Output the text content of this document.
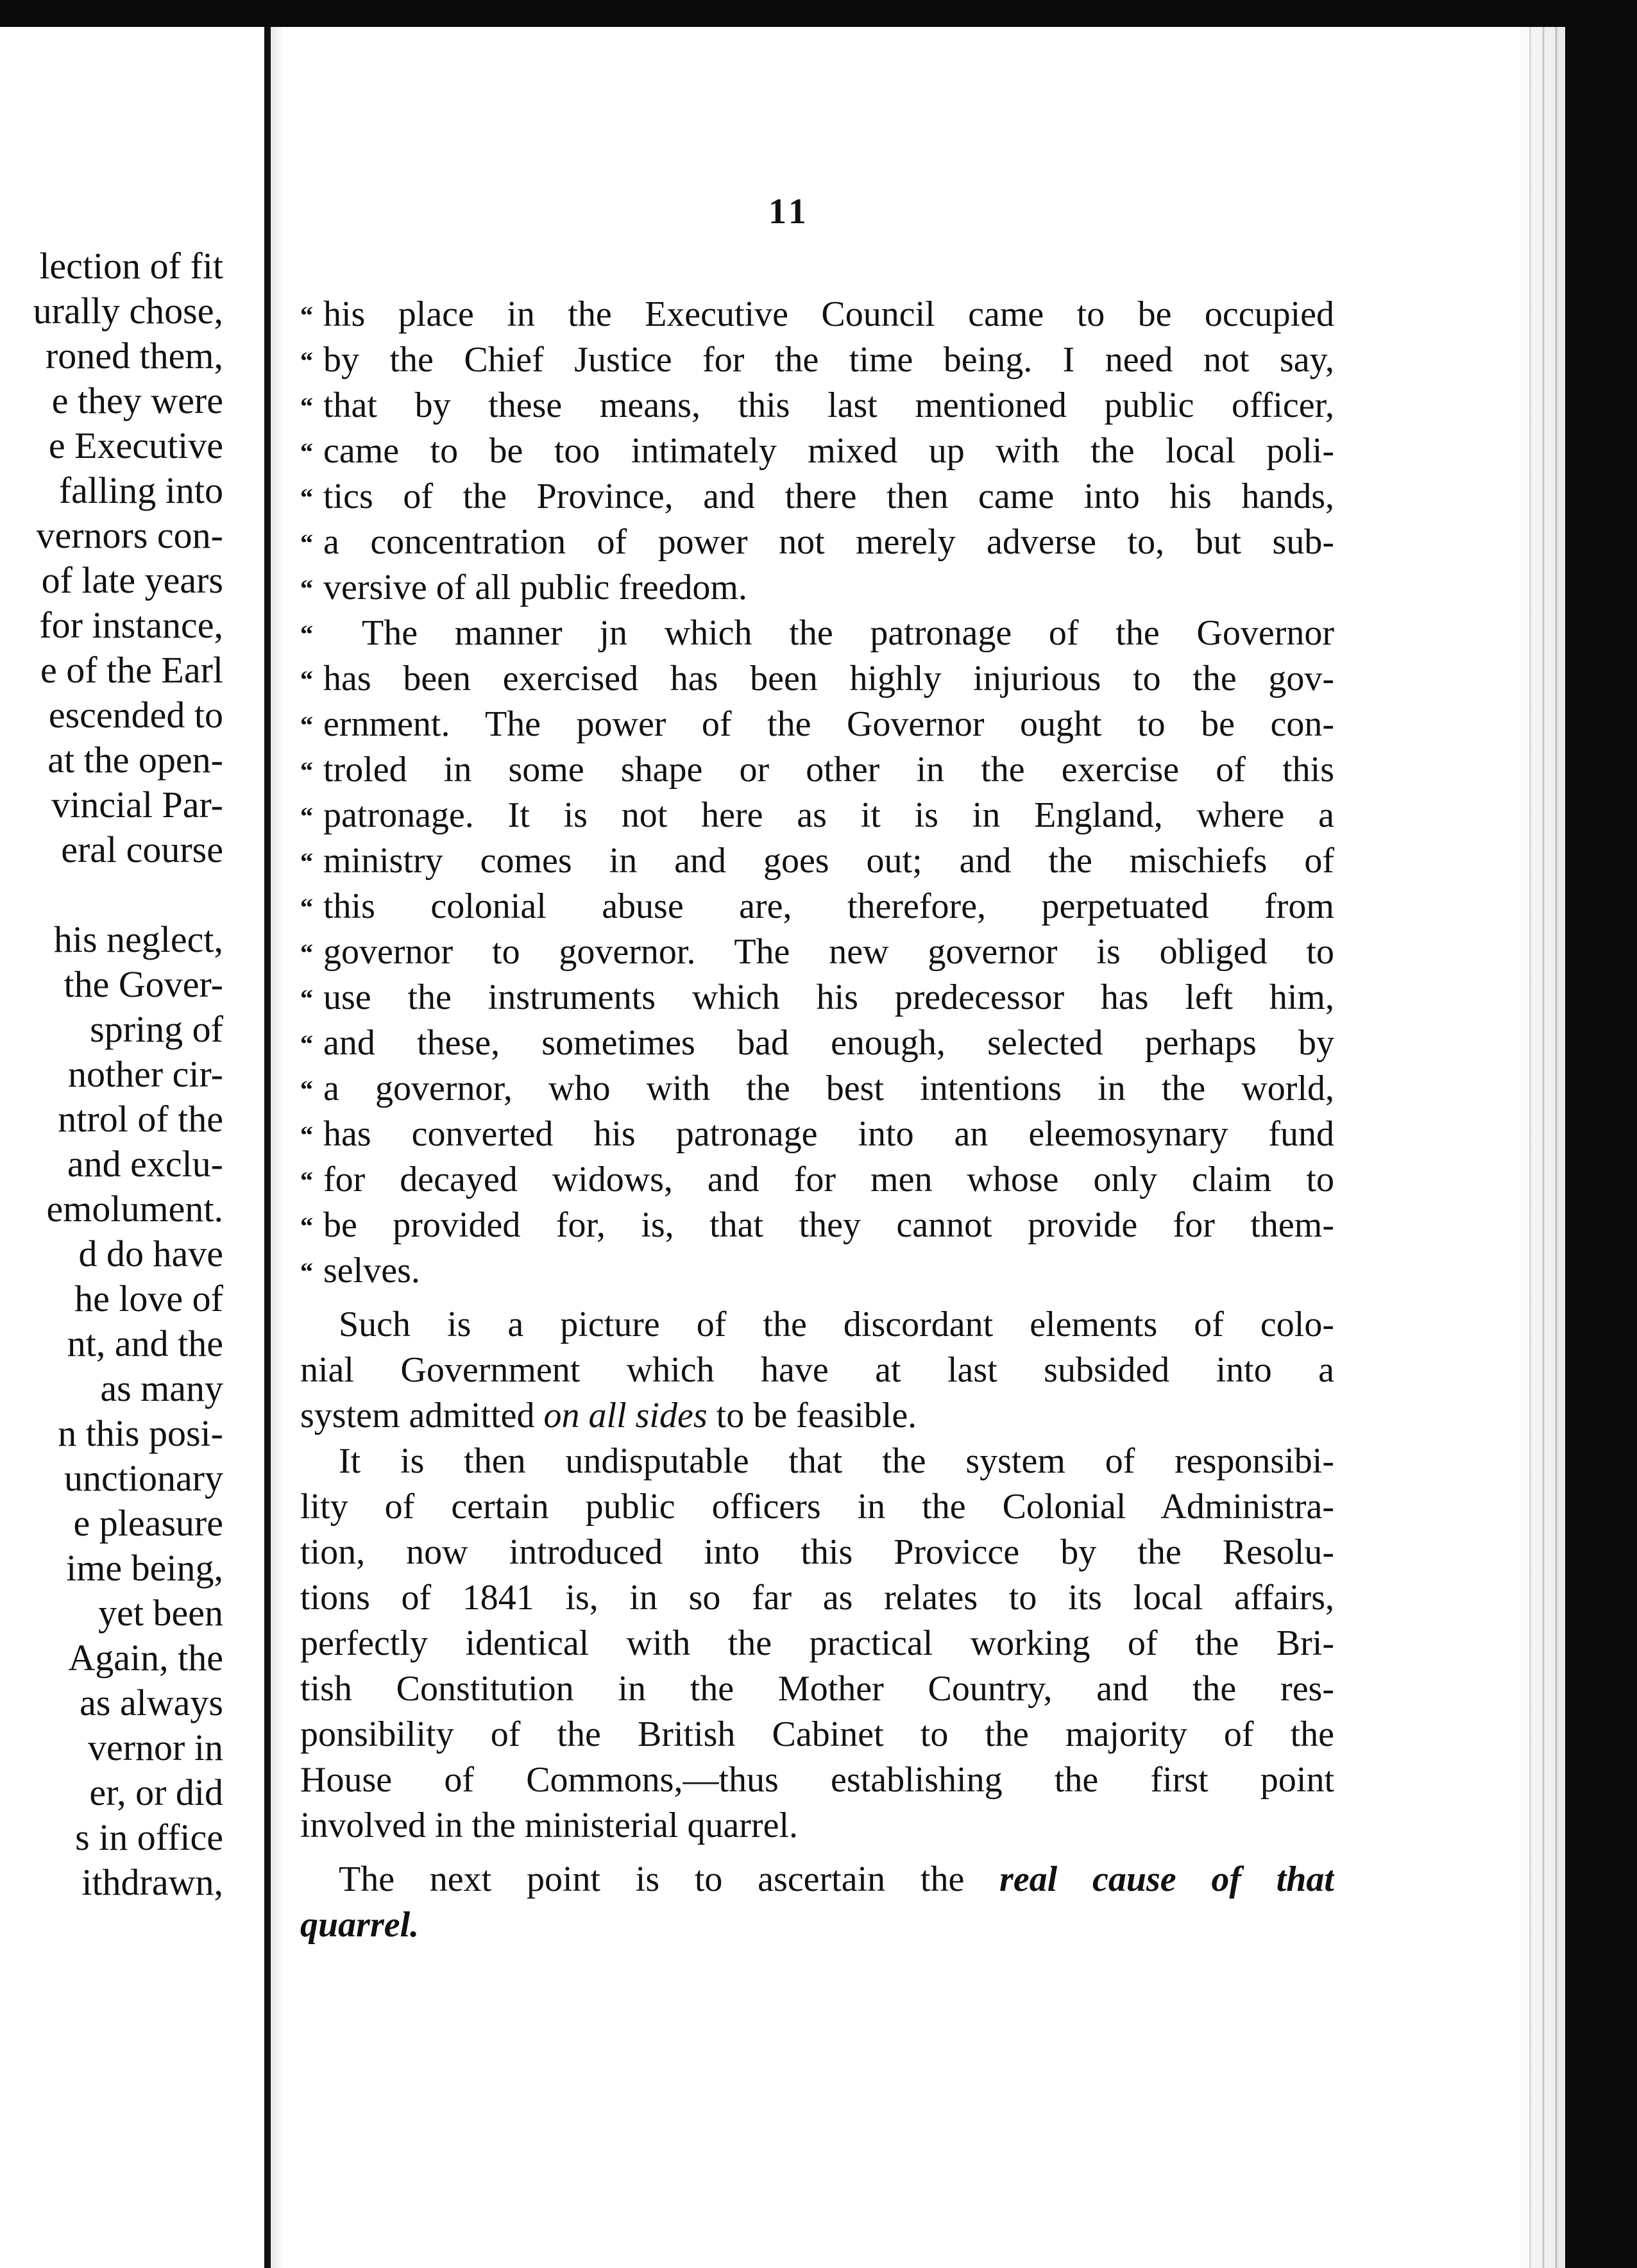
lection of fit
urally chose,
roned them,
e they were
e Executive
falling into
vernors con-
of late years
for instance,
e of the Earl
escended to
at the open-
vincial Par-
eral course
his neglect,
the Gover-
spring of
nother cir-
ntrol of the
and exclu-
emolument.
d do have
he love of
nt, and the
as many
n this posi-
unctionary
e pleasure
ime being,
yet been
Again, the
as always
vernor in
er, or did
s in office
ithdrawn,
11
“ his place in the Executive Council came to be occupied
“ by the Chief Justice for the time being. I need not say,
“ that by these means, this last mentioned public officer,
“ came to be too intimately mixed up with the local poli-
“ tics of the Province, and there then came into his hands,
“ a concentration of power not merely adverse to, but sub-
“ versive of all public freedom.
“ The manner jn which the patronage of the Governor
“ has been exercised has been highly injurious to the gov-
“ ernment. The power of the Governor ought to be con-
“ troled in some shape or other in the exercise of this
“ patronage. It is not here as it is in England, where a
“ ministry comes in and goes out; and the mischiefs of
“ this colonial abuse are, therefore, perpetuated from
“ governor to governor. The new governor is obliged to
“ use the instruments which his predecessor has left him,
“ and these, sometimes bad enough, selected perhaps by
“ a governor, who with the best intentions in the world,
“ has converted his patronage into an eleemosynary fund
“ for decayed widows, and for men whose only claim to
“ be provided for, is, that they cannot provide for them-
“ selves.
Such is a picture of the discordant elements of colo-
nial Government which have at last subsided into a
system admitted on all sides to be feasible.
It is then undisputable that the system of responsibi-
lity of certain public officers in the Colonial Administra-
tion, now introduced into this Provicce by the Resolu-
tions of 1841 is, in so far as relates to its local affairs,
perfectly identical with the practical working of the Bri-
tish Constitution in the Mother Country, and the res-
ponsibility of the British Cabinet to the majority of the
House of Commons,—thus establishing the first point
involved in the ministerial quarrel.
The next point is to ascertain the real cause of that
quarrel.
